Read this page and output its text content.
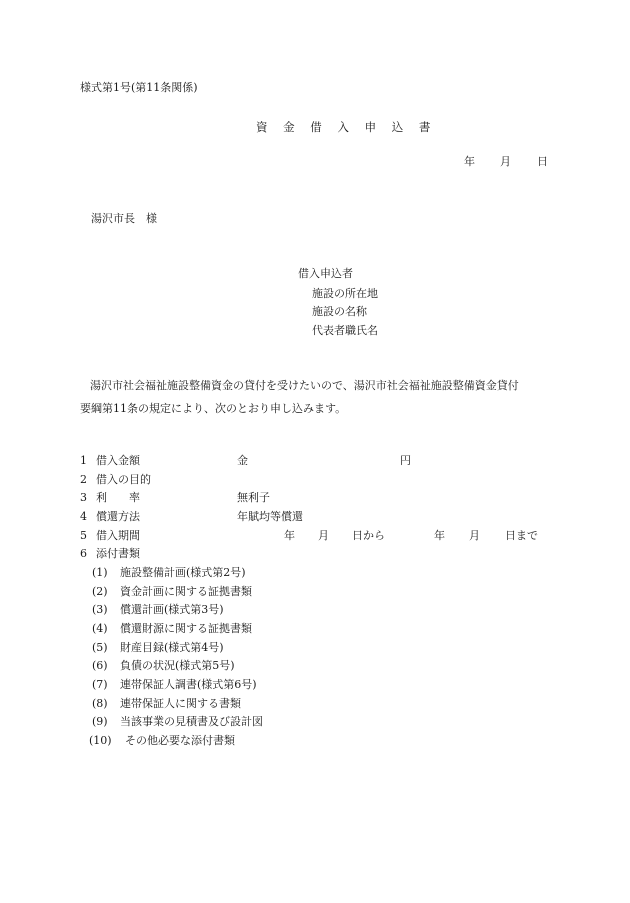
様式第1号(第11条関係)
資 金 借 入 申 込 書
年 月 日
湯沢市長　様
借入申込者
施設の所在地
施設の名称
代表者職氏名
湯沢市社会福祉施設整備資金の貸付を受けたいので、湯沢市社会福祉施設整備資金貸付
要綱第11条の規定により、次のとおり申し込みます。
1 借入金額	金	円
2 借入の目的
3 利　　率	無利子
4 償還方法	年賦均等償還
5 借入期間	年 月 日から	年 月 日まで
6 添付書類
(1) 施設整備計画(様式第2号)
(2) 資金計画に関する証拠書類
(3) 償還計画(様式第3号)
(4) 償還財源に関する証拠書類
(5) 財産目録(様式第4号)
(6) 負債の状況(様式第5号)
(7) 連帯保証人調書(様式第6号)
(8) 連帯保証人に関する書類
(9) 当該事業の見積書及び設計図
(10) その他必要な添付書類
